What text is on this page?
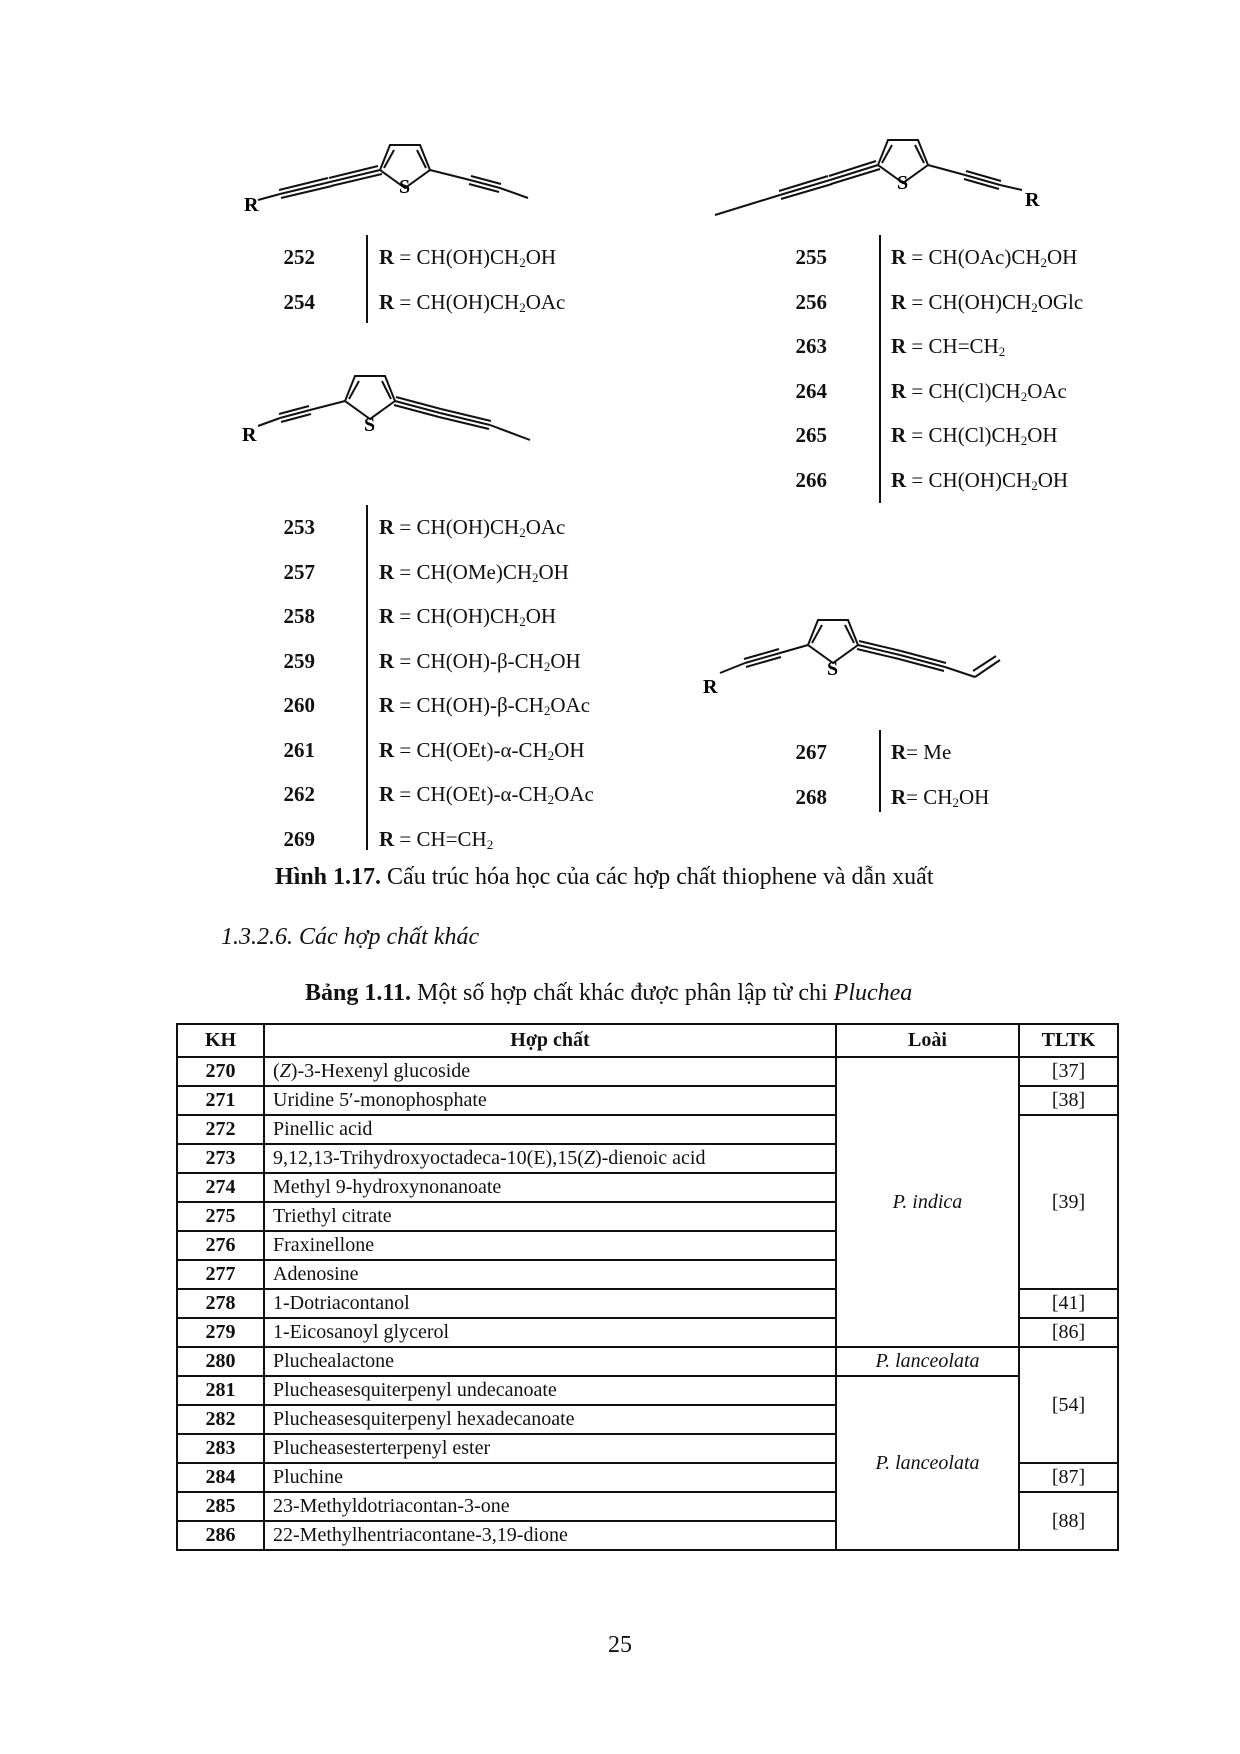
S
R
252	$R = CH(OH)CH_2OH$
254	$R = CH(OH)CH_2OAc$
S
R
255	$R = CH(OAc)CH_2OH$
256	$R = CH(OH)CH_2OGlc$
263	$R = CH=CH_2$
264	$R = CH(Cl)CH_2OAc$
265	$R = CH(Cl)CH_2OH$
266	$R = CH(OH)CH_2OH$
S
R
253	$R = CH(OH)CH_2OAc$
257	$R = CH(OMe)CH_2OH$
258	$R = CH(OH)CH_2OH$
259	$R = CH(OH)-\beta-CH_2OH$
260	$R = CH(OH)-\beta-CH_2OAc$
261	$R = CH(OEt)-\alpha-CH_2OH$
262	$R = CH(OEt)-\alpha-CH_2OAc$
269	$R = CH=CH_2$
S
R
267	R= Me
268	$R= CH_2OH$
Hình 1.17. Cấu trúc hóa học của các hợp chất thiophene và dẫn xuất
1.3.2.6. Các hợp chất khác
Bảng 1.11. Một số hợp chất khác được phân lập từ chi Pluchea
KH	Hợp chất	Loài	TLTK
270	(Z)-3-Hexenyl glucoside	P. indica	[37]
271	Uridine 5′-monophosphate		[38]
272	Pinellic acid		[39]
273	9,12,13-Trihydroxyoctadeca-10(E),15(Z)-dienoic acid		
274	Methyl 9-hydroxynonanoate		
275	Triethyl citrate		
276	Fraxinellone		
277	Adenosine		
278	1-Dotriacontanol		[41]
279	1-Eicosanoyl glycerol		[86]
280	Pluchealactone	P. lanceolata	[54]
281	Plucheasesquiterpenyl undecanoate	P. lanceolata	
282	Plucheasesquiterpenyl hexadecanoate		
283	Plucheasesterterpenyl ester		
284	Pluchine		[87]
285	23-Methyldotriacontan-3-one		[88]
286	22-Methylhentriacontane-3,19-dione		
25
